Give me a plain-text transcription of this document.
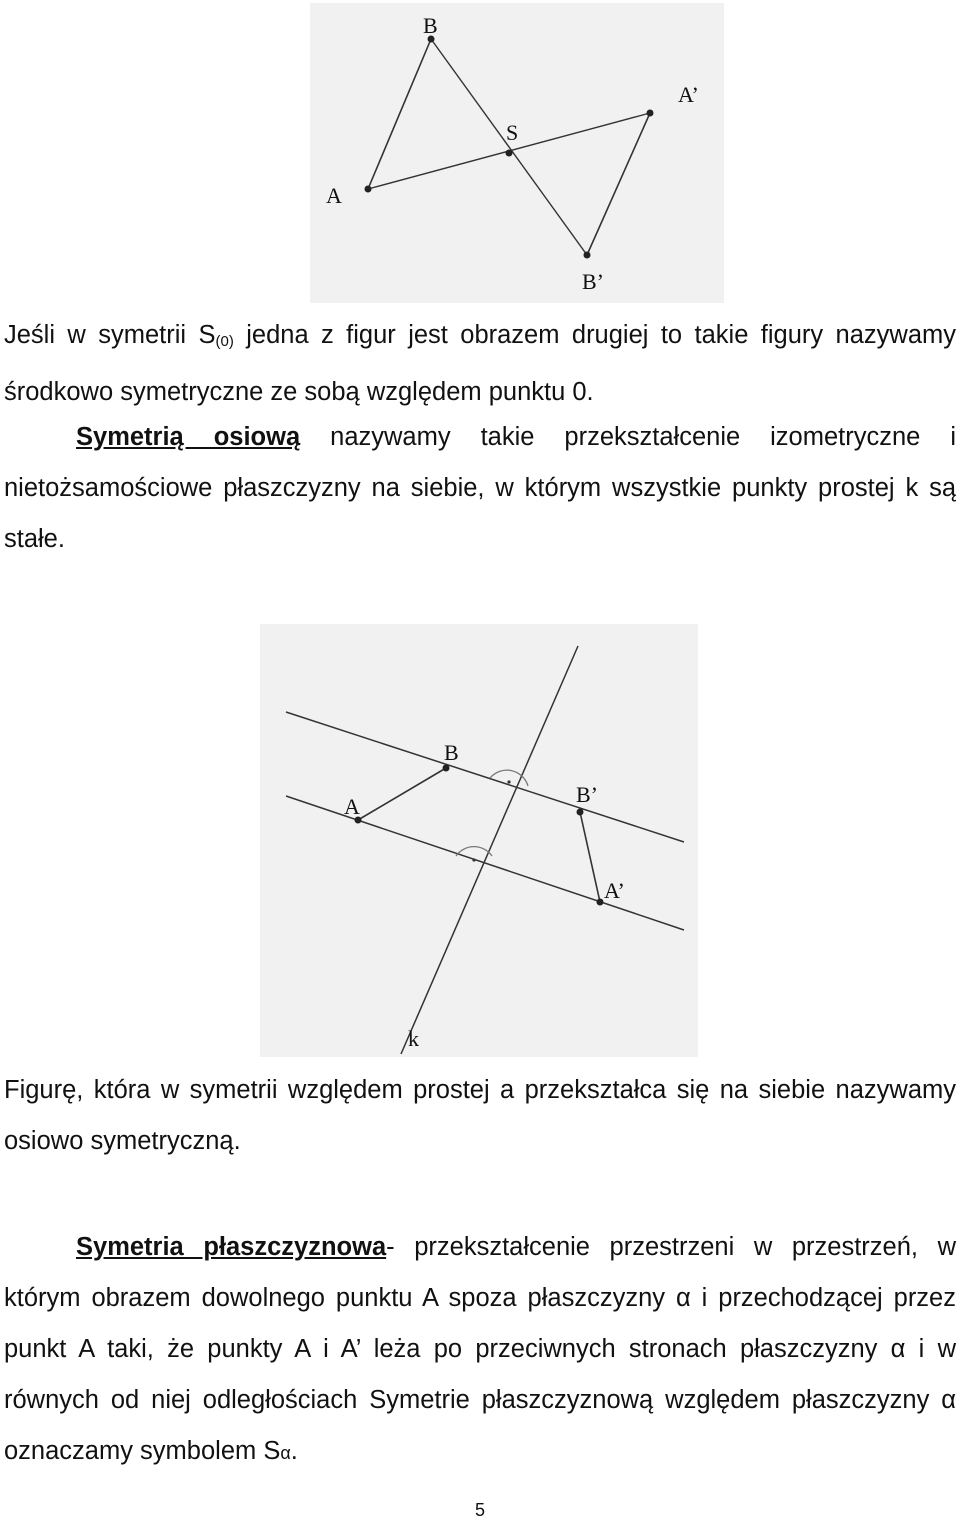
A
B
S
A’
B’

Jeśli w symetrii $S_{(0)}$ jedna z figur jest obrazem drugiej to takie figury nazywamy środkowo symetryczne ze sobą względem punktu 0.

Symetrią osiową nazywamy takie przekształcenie izometryczne i nietożsamościowe płaszczyzny na siebie, w którym wszystkie punkty prostej k są stałe.

A
B
B’
A’
k

Figurę, która w symetrii względem prostej a przekształca się na siebie nazywamy osiowo symetryczną.

Symetria płaszczyznowa- przekształcenie przestrzeni w przestrzeń, w którym obrazem dowolnego punktu A spoza płaszczyzny α i przechodzącej przez punkt A taki, że punkty A i A’ leża po przeciwnych stronach płaszczyzny α i w równych od niej odległościach Symetrie płaszczyznową względem płaszczyzny α oznaczamy symbolem Sα.

5
